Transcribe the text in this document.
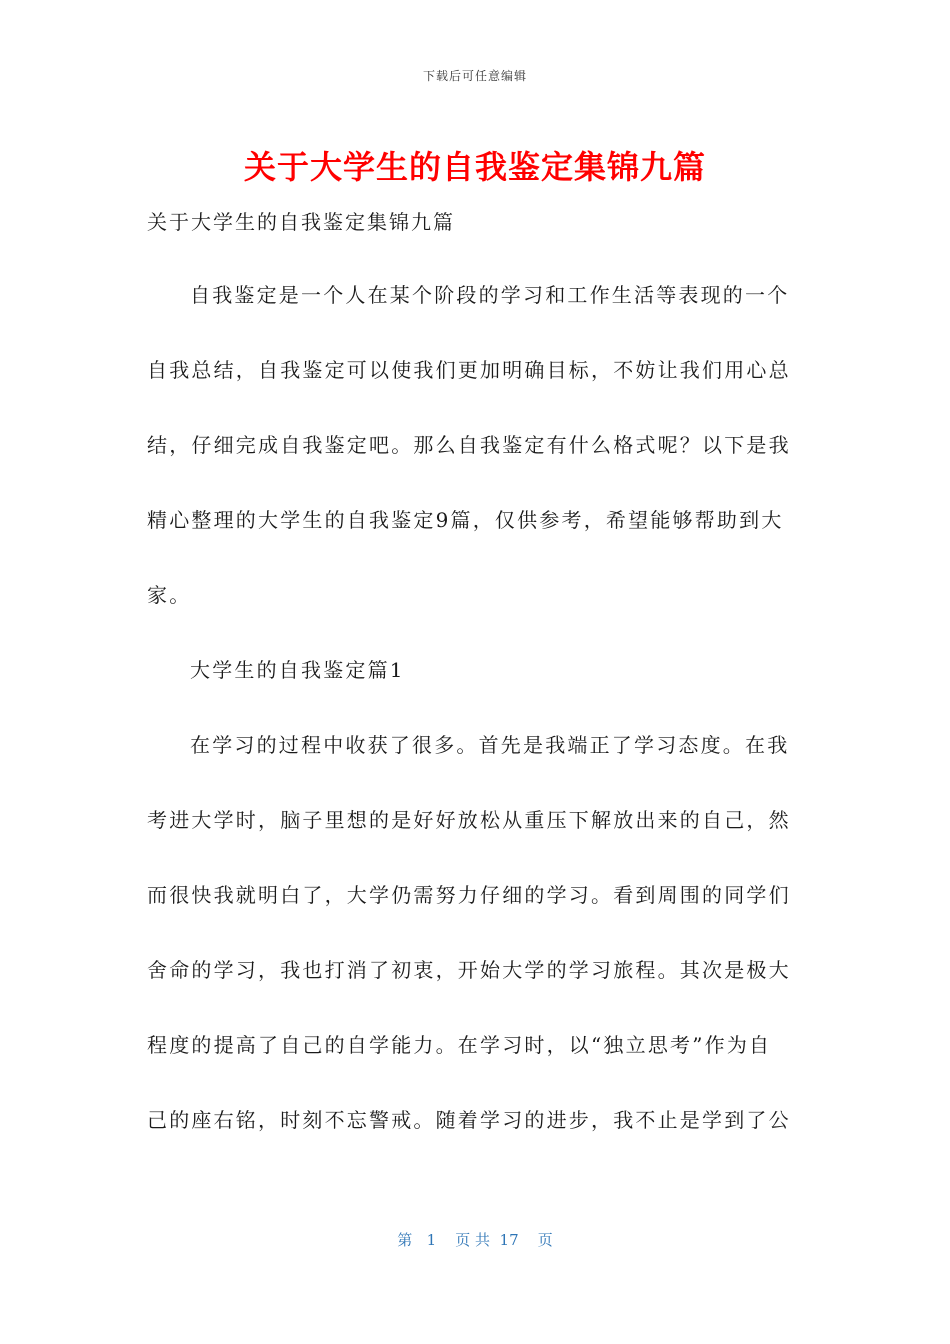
下载后可任意编辑
关于大学生的自我鉴定集锦九篇
关于大学生的自我鉴定集锦九篇
自我鉴定是一个人在某个阶段的学习和工作生活等表现的一个
自我总结，自我鉴定可以使我们更加明确目标，不妨让我们用心总
结，仔细完成自我鉴定吧。那么自我鉴定有什么格式呢？以下是我
精心整理的大学生的自我鉴定9篇，仅供参考，希望能够帮助到大
家。
大学生的自我鉴定篇1
在学习的过程中收获了很多。首先是我端正了学习态度。在我
考进大学时，脑子里想的是好好放松从重压下解放出来的自己，然
而很快我就明白了，大学仍需努力仔细的学习。看到周围的同学们
舍命的学习，我也打消了初衷，开始大学的学习旅程。其次是极大
程度的提高了自己的自学能力。在学习时，以“独立思考”作为自
己的座右铭，时刻不忘警戒。随着学习的进步，我不止是学到了公
第 1 页 共 17 页
